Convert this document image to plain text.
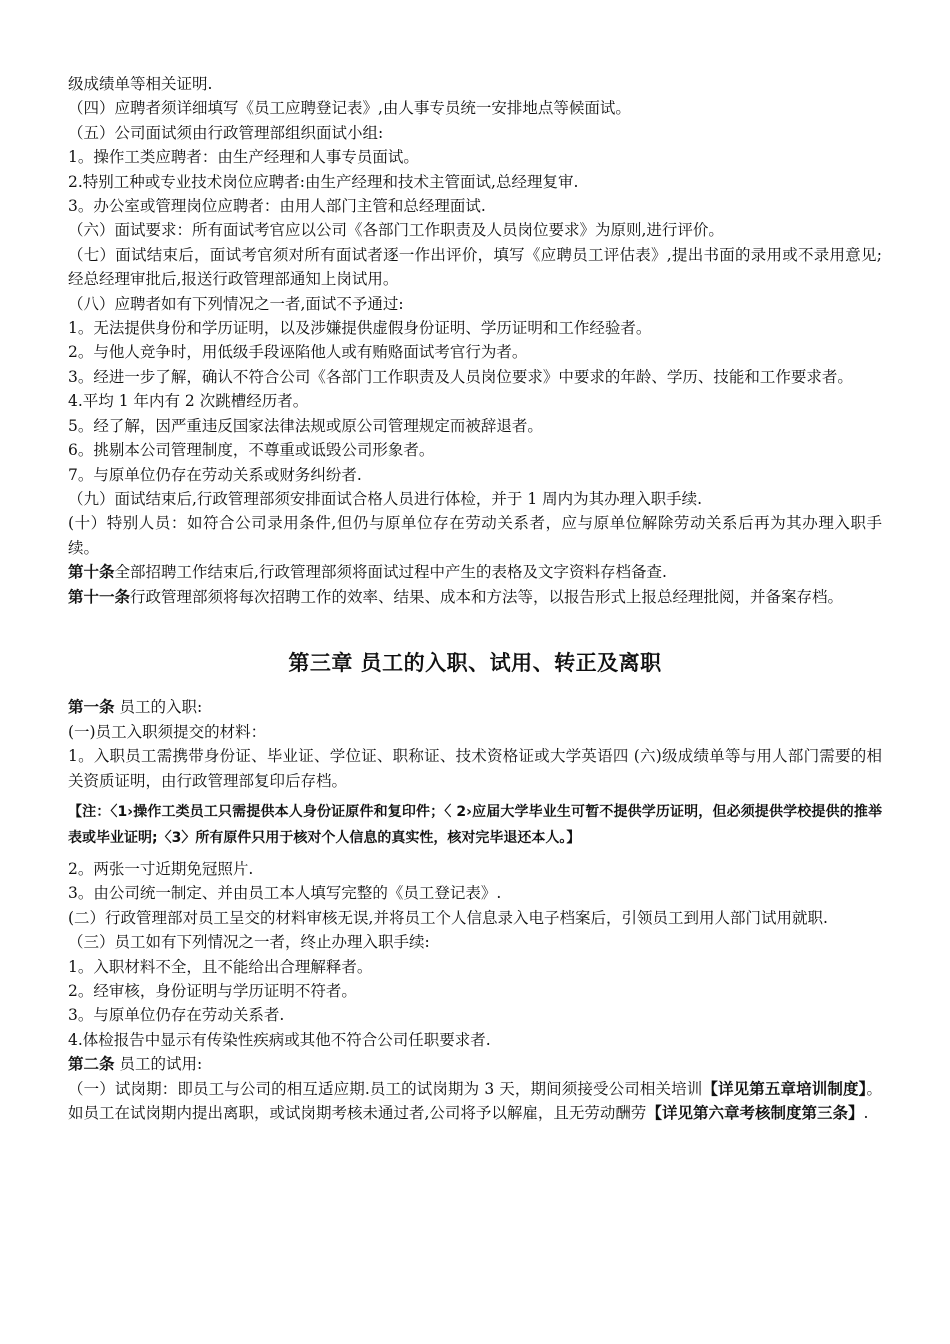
级成绩单等相关证明.

（四）应聘者须详细填写《员工应聘登记表》,由人事专员统一安排地点等候面试。

（五）公司面试须由行政管理部组织面试小组:

1。操作工类应聘者：由生产经理和人事专员面试。

2.特别工种或专业技术岗位应聘者:由生产经理和技术主管面试,总经理复审.

3。办公室或管理岗位应聘者：由用人部门主管和总经理面试.

（六）面试要求：所有面试考官应以公司《各部门工作职责及人员岗位要求》为原则,进行评价。

（七）面试结束后，面试考官须对所有面试者逐一作出评价，填写《应聘员工评估表》,提出书面的录用或不录用意见;经总经理审批后,报送行政管理部通知上岗试用。

（八）应聘者如有下列情况之一者,面试不予通过:

1。无法提供身份和学历证明，以及涉嫌提供虚假身份证明、学历证明和工作经验者。

2。与他人竞争时，用低级手段诬陷他人或有贿赂面试考官行为者。

3。经进一步了解，确认不符合公司《各部门工作职责及人员岗位要求》中要求的年龄、学历、技能和工作要求者。

4.平均 1 年内有 2 次跳槽经历者。

5。经了解，因严重违反国家法律法规或原公司管理规定而被辞退者。

6。挑剔本公司管理制度，不尊重或诋毁公司形象者。

7。与原单位仍存在劳动关系或财务纠纷者.

（九）面试结束后,行政管理部须安排面试合格人员进行体检，并于 1 周内为其办理入职手续.

(十）特别人员：如符合公司录用条件,但仍与原单位存在劳动关系者，应与原单位解除劳动关系后再为其办理入职手续。

第十条全部招聘工作结束后,行政管理部须将面试过程中产生的表格及文字资料存档备查.

第十一条行政管理部须将每次招聘工作的效率、结果、成本和方法等，以报告形式上报总经理批阅，并备案存档。

第三章 员工的入职、试用、转正及离职

第一条 员工的入职:

(一)员工入职须提交的材料：

1。入职员工需携带身份证、毕业证、学位证、职称证、技术资格证或大学英语四 (六)级成绩单等与用人部门需要的相关资质证明，由行政管理部复印后存档。

【注：〈1›操作工类员工只需提供本人身份证原件和复印件；〈 2›应届大学毕业生可暂不提供学历证明，但必须提供学校提供的推举表或毕业证明;〈3〉所有原件只用于核对个人信息的真实性，核对完毕退还本人。】

2。两张一寸近期免冠照片.

3。由公司统一制定、并由员工本人填写完整的《员工登记表》.

(二）行政管理部对员工呈交的材料审核无误,并将员工个人信息录入电子档案后，引领员工到用人部门试用就职.

（三）员工如有下列情况之一者，终止办理入职手续:

1。入职材料不全，且不能给出合理解释者。

2。经审核，身份证明与学历证明不符者。

3。与原单位仍存在劳动关系者.

4.体检报告中显示有传染性疾病或其他不符合公司任职要求者.

第二条 员工的试用:

（一）试岗期：即员工与公司的相互适应期.员工的试岗期为 3 天，期间须接受公司相关培训【详见第五章培训制度】。如员工在试岗期内提出离职，或试岗期考核未通过者,公司将予以解雇，且无劳动酬劳【详见第六章考核制度第三条】.
